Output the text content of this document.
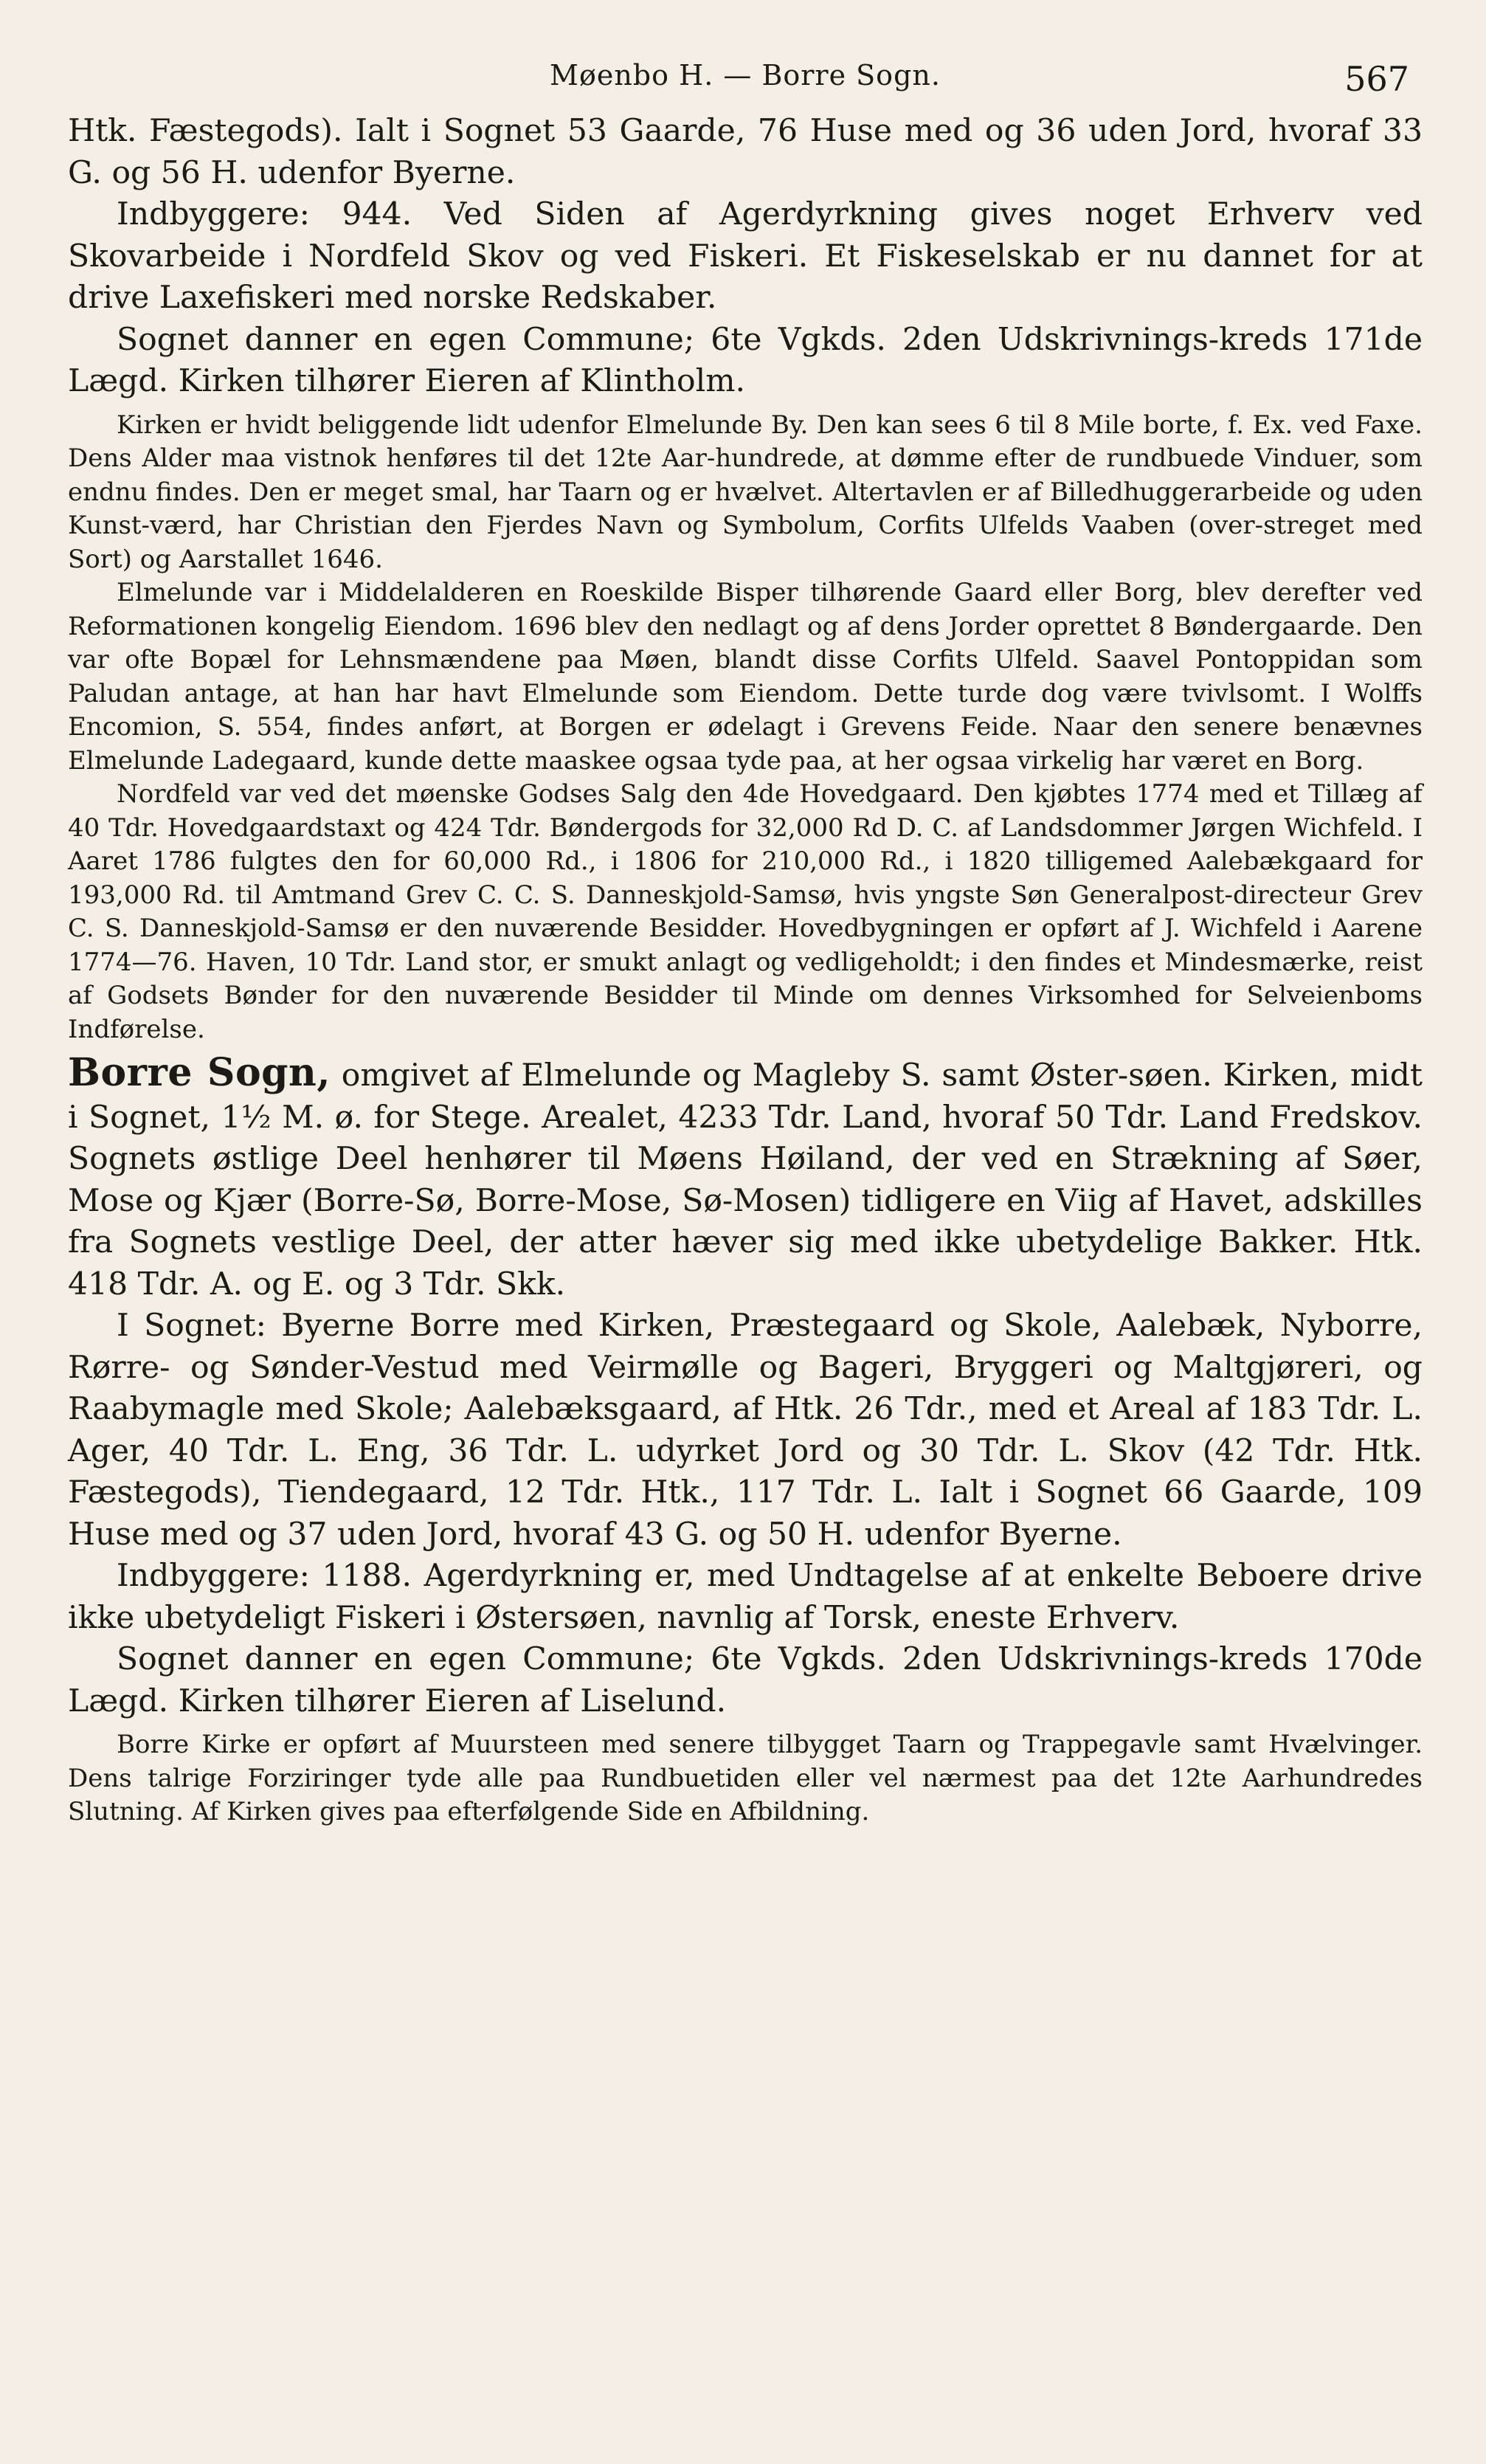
Møenbo H. — Borre Sogn.	567

Htk. Fæstegods). Ialt i Sognet 53 Gaarde, 76 Huse med og 36 uden Jord, hvoraf 33 G. og 56 H. udenfor Byerne.

Indbyggere: 944. Ved Siden af Agerdyrkning gives noget Erhverv ved Skovarbeide i Nordfeld Skov og ved Fiskeri. Et Fiskeselskab er nu dannet for at drive Laxefiskeri med norske Redskaber.

Sognet danner en egen Commune; 6te Vgkds. 2den Udskrivnings-kreds 171de Lægd. Kirken tilhører Eieren af Klintholm.

Kirken er hvidt beliggende lidt udenfor Elmelunde By. Den kan sees 6 til 8 Mile borte, f. Ex. ved Faxe. Dens Alder maa vistnok henføres til det 12te Aar-hundrede, at dømme efter de rundbuede Vinduer, som endnu findes. Den er meget smal, har Taarn og er hvælvet. Altertavlen er af Billedhuggerarbeide og uden Kunst-værd, har Christian den Fjerdes Navn og Symbolum, Corfits Ulfelds Vaaben (over-streget med Sort) og Aarstallet 1646.

Elmelunde var i Middelalderen en Roeskilde Bisper tilhørende Gaard eller Borg, blev derefter ved Reformationen kongelig Eiendom. 1696 blev den nedlagt og af dens Jorder oprettet 8 Bøndergaarde. Den var ofte Bopæl for Lehnsmændene paa Møen, blandt disse Corfits Ulfeld. Saavel Pontoppidan som Paludan antage, at han har havt Elmelunde som Eiendom. Dette turde dog være tvivlsomt. I Wolffs Encomion, S. 554, findes anført, at Borgen er ødelagt i Grevens Feide. Naar den senere benævnes Elmelunde Ladegaard, kunde dette maaskee ogsaa tyde paa, at her ogsaa virkelig har været en Borg.

Nordfeld var ved det møenske Godses Salg den 4de Hovedgaard. Den kjøbtes 1774 med et Tillæg af 40 Tdr. Hovedgaardstaxt og 424 Tdr. Bøndergods for 32,000 Rd D. C. af Landsdommer Jørgen Wichfeld. I Aaret 1786 fulgtes den for 60,000 Rd., i 1806 for 210,000 Rd., i 1820 tilligemed Aalebækgaard for 193,000 Rd. til Amtmand Grev C. C. S. Danneskjold-Samsø, hvis yngste Søn Generalpost-directeur Grev C. S. Danneskjold-Samsø er den nuværende Besidder. Hovedbygningen er opført af J. Wichfeld i Aarene 1774—76. Haven, 10 Tdr. Land stor, er smukt anlagt og vedligeholdt; i den findes et Mindesmærke, reist af Godsets Bønder for den nuværende Besidder til Minde om dennes Virksomhed for Selveienboms Indførelse.

Borre Sogn, omgivet af Elmelunde og Magleby S. samt Øster-søen. Kirken, midt i Sognet, 1½ M. ø. for Stege. Arealet, 4233 Tdr. Land, hvoraf 50 Tdr. Land Fredskov. Sognets østlige Deel henhører til Møens Høiland, der ved en Strækning af Søer, Mose og Kjær (Borre-Sø, Borre-Mose, Sø-Mosen) tidligere en Viig af Havet, adskilles fra Sognets vestlige Deel, der atter hæver sig med ikke ubetydelige Bakker. Htk. 418 Tdr. A. og E. og 3 Tdr. Skk.

I Sognet: Byerne Borre med Kirken, Præstegaard og Skole, Aalebæk, Nyborre, Rørre- og Sønder-Vestud med Veirmølle og Bageri, Bryggeri og Maltgjøreri, og Raabymagle med Skole; Aalebæksgaard, af Htk. 26 Tdr., med et Areal af 183 Tdr. L. Ager, 40 Tdr. L. Eng, 36 Tdr. L. udyrket Jord og 30 Tdr. L. Skov (42 Tdr. Htk. Fæstegods), Tiendegaard, 12 Tdr. Htk., 117 Tdr. L. Ialt i Sognet 66 Gaarde, 109 Huse med og 37 uden Jord, hvoraf 43 G. og 50 H. udenfor Byerne.

Indbyggere: 1188. Agerdyrkning er, med Undtagelse af at enkelte Beboere drive ikke ubetydeligt Fiskeri i Østersøen, navnlig af Torsk, eneste Erhverv.

Sognet danner en egen Commune; 6te Vgkds. 2den Udskrivnings-kreds 170de Lægd. Kirken tilhører Eieren af Liselund.

Borre Kirke er opført af Muursteen med senere tilbygget Taarn og Trappegavle samt Hvælvinger. Dens talrige Forziringer tyde alle paa Rundbuetiden eller vel nærmest paa det 12te Aarhundredes Slutning. Af Kirken gives paa efterfølgende Side en Afbildning.
